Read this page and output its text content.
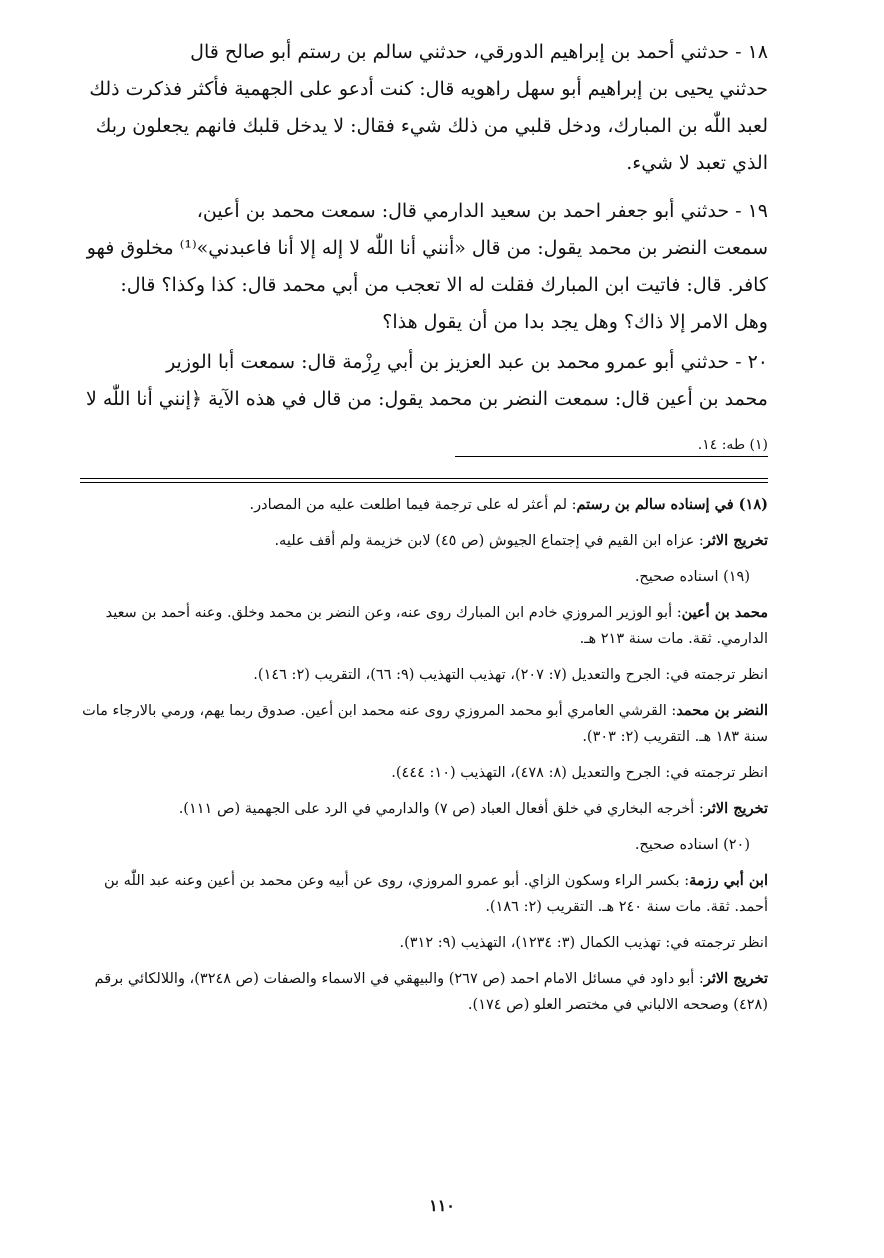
١٨ - حدثني أحمد بن إبراهيم الدورقي، حدثني سالم بن رستم أبو صالح قال
حدثني يحيى بن إبراهيم أبو سهل راهويه قال: كنت أدعو على الجهمية فأكثر فذكرت ذلك
لعبد اللّٰه بن المبارك، ودخل قلبي من ذلك شيء فقال: لا يدخل قلبك فانهم يجعلون ربك
الذي تعبد لا شيء.
١٩ - حدثني أبو جعفر احمد بن سعيد الدارمي قال: سمعت محمد بن أعين،
سمعت النضر بن محمد يقول: من قال «أنني أنا اللّٰه لا إله إلا أنا فاعبدني»⁽¹⁾ مخلوق فهو
كافر. قال: فاتيت ابن المبارك فقلت له الا تعجب من أبي محمد قال: كذا وكذا؟ قال:
وهل الامر إلا ذاك؟ وهل يجد بدا من أن يقول هذا؟
٢٠ - حدثني أبو عمرو محمد بن عبد العزيز بن أبي رِزْمة قال: سمعت أبا الوزير
محمد بن أعين قال: سمعت النضر بن محمد يقول: من قال في هذه الآية ﴿إنني أنا اللّٰه لا
(١) طه: ١٤.

(١٨) في إسناده سالم بن رستم: لم أعثر له على ترجمة فيما اطلعت عليه من المصادر.

تخريج الاثر: عزاه ابن القيم في إجتماع الجيوش (ص ٤٥) لابن خزيمة ولم أقف عليه.

(١٩) اسناده صحيح.

محمد بن أعين: أبو الوزير المروزي خادم ابن المبارك روى عنه، وعن النضر بن محمد وخلق. وعنه أحمد بن سعيد الدارمي. ثقة. مات سنة ٢١٣ هـ.

انظر ترجمته في: الجرح والتعديل (٧: ٢٠٧)، تهذيب التهذيب (٩: ٦٦)، التقريب (٢: ١٤٦).

النضر بن محمد: القرشي العامري أبو محمد المروزي روى عنه محمد ابن أعين. صدوق ربما يهم، ورمي بالارجاء مات سنة ١٨٣ هـ. التقريب (٢: ٣٠٣).

انظر ترجمته في: الجرح والتعديل (٨: ٤٧٨)، التهذيب (١٠: ٤٤٤).

تخريج الاثر: أخرجه البخاري في خلق أفعال العباد (ص ٧) والدارمي في الرد على الجهمية (ص ١١١).

(٢٠) اسناده صحيح.

ابن أبي رزمة: بكسر الراء وسكون الزاي. أبو عمرو المروزي، روى عن أبيه وعن محمد بن أعين وعنه عبد اللّٰه بن أحمد. ثقة. مات سنة ٢٤٠ هـ. التقريب (٢: ١٨٦).

انظر ترجمته في: تهذيب الكمال (٣: ١٢٣٤)، التهذيب (٩: ٣١٢).

تخريج الاثر: أبو داود في مسائل الامام احمد (ص ٢٦٧) والبيهقي في الاسماء والصفات (ص ٣٢٤٨)، واللالكائي برقم (٤٢٨) وصححه الالباني في مختصر العلو (ص ١٧٤).

١١٠
